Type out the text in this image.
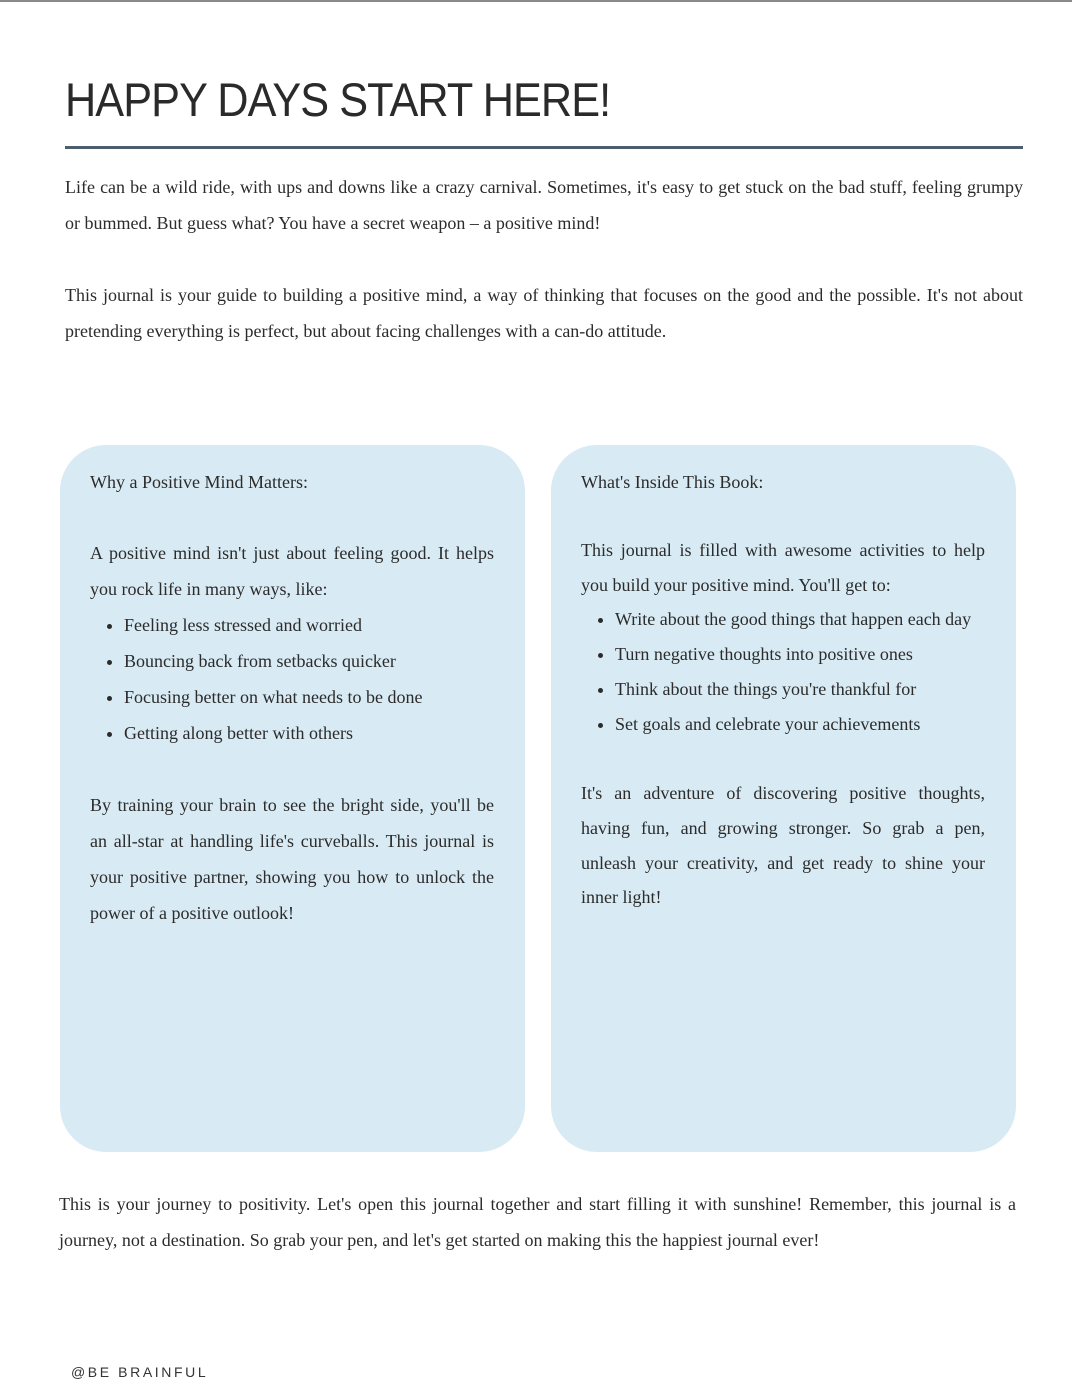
HAPPY DAYS START HERE!

Life can be a wild ride, with ups and downs like a crazy carnival. Sometimes, it's easy to get stuck on the bad stuff, feeling grumpy or bummed. But guess what? You have a secret weapon – a positive mind!

This journal is your guide to building a positive mind, a way of thinking that focuses on the good and the possible. It's not about pretending everything is perfect, but about facing challenges with a can-do attitude.

Why a Positive Mind Matters:

A positive mind isn't just about feeling good. It helps you rock life in many ways, like:

• Feeling less stressed and worried
• Bouncing back from setbacks quicker
• Focusing better on what needs to be done
• Getting along better with others

By training your brain to see the bright side, you'll be an all-star at handling life's curveballs. This journal is your positive partner, showing you how to unlock the power of a positive outlook!

What's Inside This Book:

This journal is filled with awesome activities to help you build your positive mind. You'll get to:

• Write about the good things that happen each day
• Turn negative thoughts into positive ones
• Think about the things you're thankful for
• Set goals and celebrate your achievements

It's an adventure of discovering positive thoughts, having fun, and growing stronger. So grab a pen, unleash your creativity, and get ready to shine your inner light!

This is your journey to positivity. Let's open this journal together and start filling it with sunshine! Remember, this journal is a journey, not a destination. So grab your pen, and let's get started on making this the happiest journal ever!

@BE BRAINFUL
